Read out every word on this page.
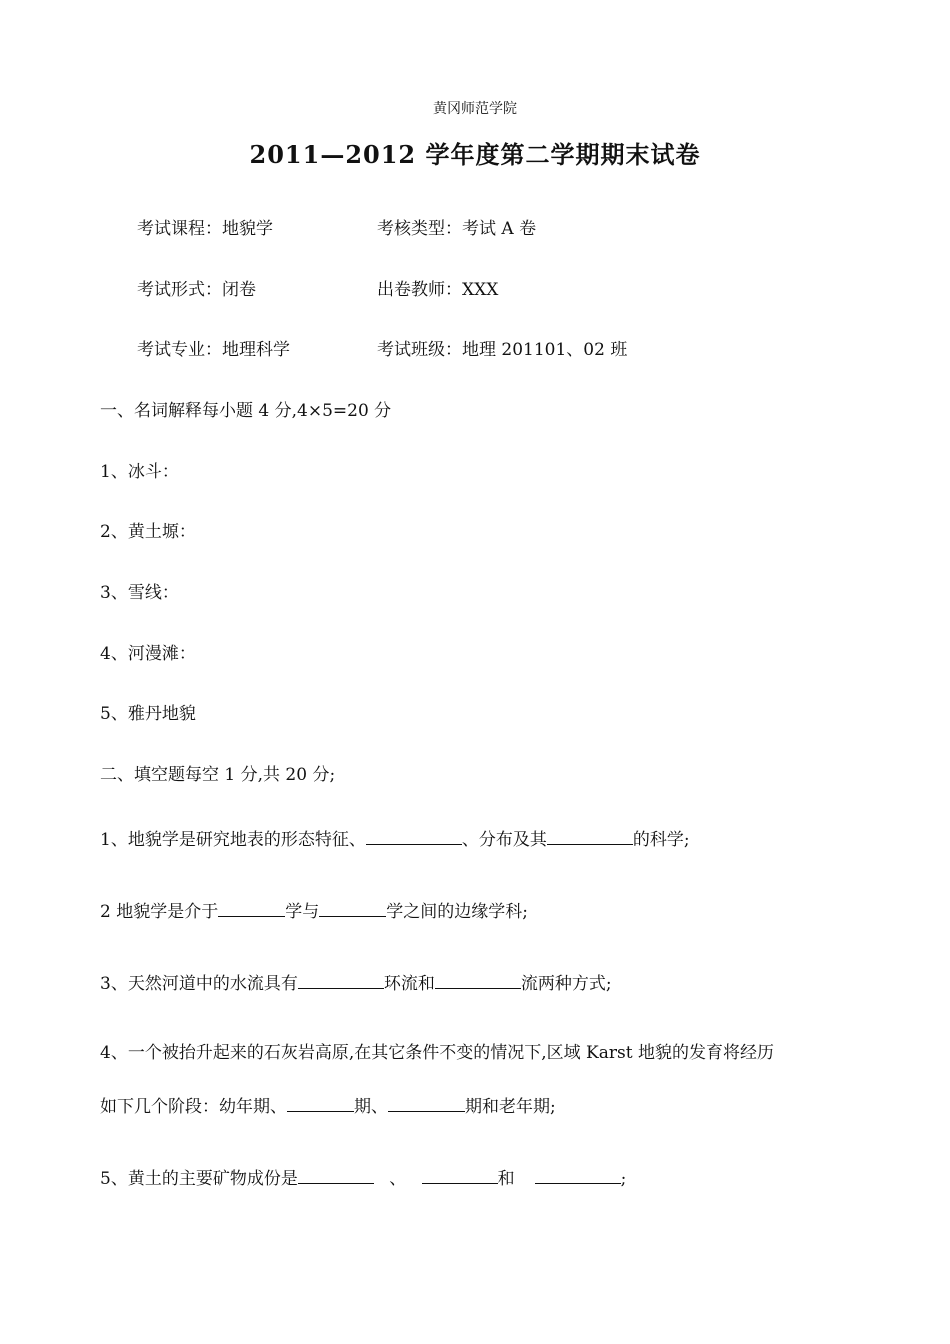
黄冈师范学院
2011—2012 学年度第二学期期末试卷
考试课程：地貌学	考核类型：考试 A 卷
考试形式：闭卷	出卷教师：XXX
考试专业：地理科学	考试班级：地理 201101、02 班
一、名词解释每小题 4 分,4×5=20 分
1、冰斗：
2、黄土塬：
3、雪线：
4、河漫滩：
5、雅丹地貌
二、填空题每空 1 分,共 20 分;
1、地貌学是研究地表的形态特征、	、分布及其	的科学;
2 地貌学是介于	学与	学之间的边缘学科;
3、天然河道中的水流具有	环流和	流两种方式;
4、一个被抬升起来的石灰岩高原,在其它条件不变的情况下,区域 Karst 地貌的发育将经历
如下几个阶段：幼年期、	期、	期和老年期;
5、黄土的主要矿物成份是	、	和	;
